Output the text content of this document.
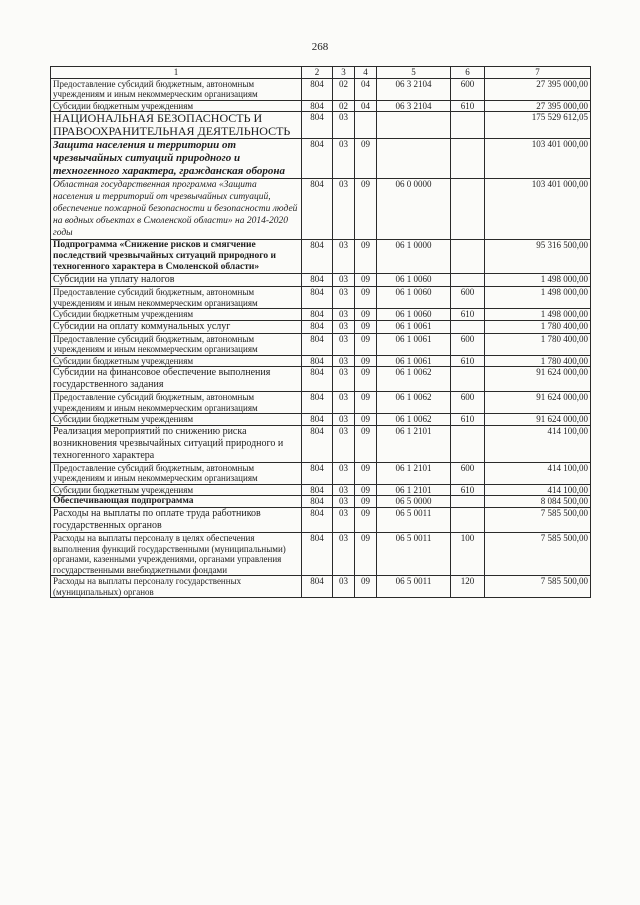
268
1	2	3	4	5	6	7
Предоставление субсидий бюджетным, автономным учреждениям и иным некоммерческим организациям	804	02	04	06 3 2104	600	27 395 000,00
Субсидии бюджетным учреждениям	804	02	04	06 3 2104	610	27 395 000,00
НАЦИОНАЛЬНАЯ БЕЗОПАСНОСТЬ И ПРАВООХРАНИТЕЛЬНАЯ ДЕЯТЕЛЬНОСТЬ	804	03				175 529 612,05
Защита населения и территории от чрезвычайных ситуаций природного и техногенного характера, гражданская оборона	804	03	09			103 401 000,00
Областная государственная программа «Защита населения и территорий от чрезвычайных ситуаций, обеспечение пожарной безопасности и безопасности людей на водных объектах в Смоленской области» на 2014-2020 годы	804	03	09	06 0 0000		103 401 000,00
Подпрограмма «Снижение рисков и смягчение последствий чрезвычайных ситуаций природного и техногенного характера в Смоленской области»	804	03	09	06 1 0000		95 316 500,00
Субсидии на уплату налогов	804	03	09	06 1 0060		1 498 000,00
Предоставление субсидий бюджетным, автономным учреждениям и иным некоммерческим организациям	804	03	09	06 1 0060	600	1 498 000,00
Субсидии бюджетным учреждениям	804	03	09	06 1 0060	610	1 498 000,00
Субсидии на оплату коммунальных услуг	804	03	09	06 1 0061		1 780 400,00
Предоставление субсидий бюджетным, автономным учреждениям и иным некоммерческим организациям	804	03	09	06 1 0061	600	1 780 400,00
Субсидии бюджетным учреждениям	804	03	09	06 1 0061	610	1 780 400,00
Субсидии на финансовое обеспечение выполнения государственного задания	804	03	09	06 1 0062		91 624 000,00
Предоставление субсидий бюджетным, автономным учреждениям и иным некоммерческим организациям	804	03	09	06 1 0062	600	91 624 000,00
Субсидии бюджетным учреждениям	804	03	09	06 1 0062	610	91 624 000,00
Реализация мероприятий по снижению риска возникновения чрезвычайных ситуаций природного и техногенного характера	804	03	09	06 1 2101		414 100,00
Предоставление субсидий бюджетным, автономным учреждениям и иным некоммерческим организациям	804	03	09	06 1 2101	600	414 100,00
Субсидии бюджетным учреждениям	804	03	09	06 1 2101	610	414 100,00
Обеспечивающая подпрограмма	804	03	09	06 5 0000		8 084 500,00
Расходы на выплаты по оплате труда работников государственных органов	804	03	09	06 5 0011		7 585 500,00
Расходы на выплаты персоналу в целях обеспечения выполнения функций государственными (муниципальными) органами, казенными учреждениями, органами управления государственными внебюджетными фондами	804	03	09	06 5 0011	100	7 585 500,00
Расходы на выплаты персоналу государственных (муниципальных) органов	804	03	09	06 5 0011	120	7 585 500,00
